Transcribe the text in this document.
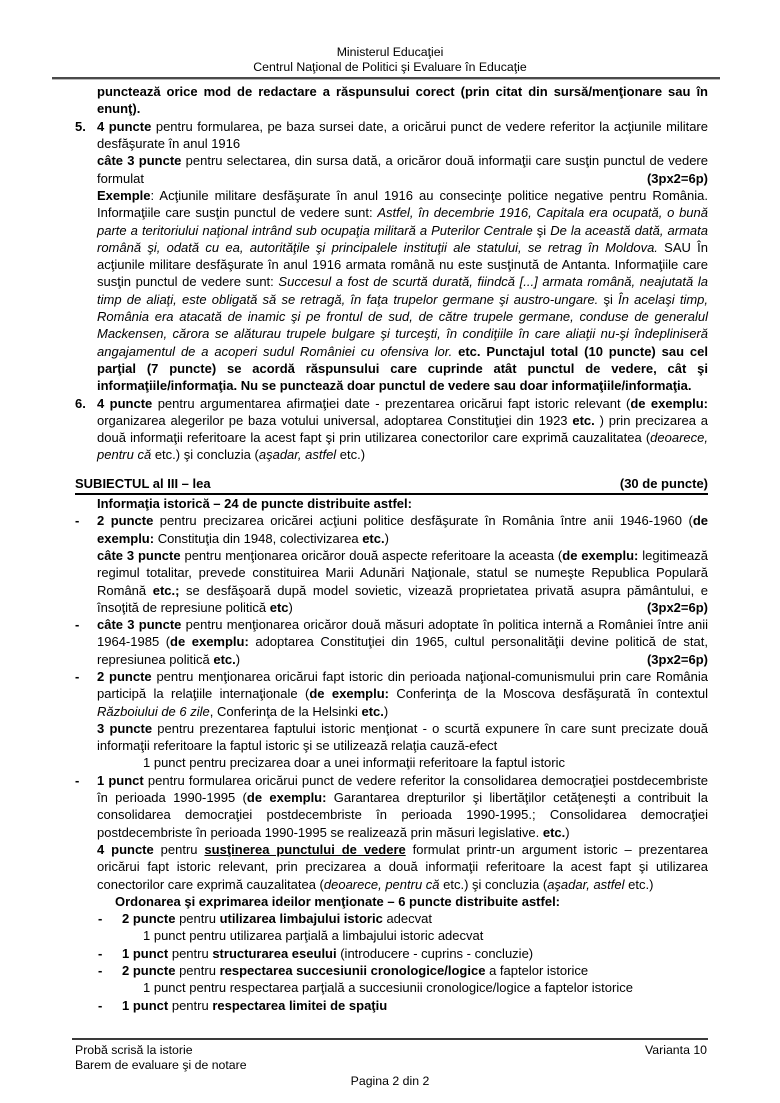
Ministerul Educaţiei
Centrul Naţional de Politici şi Evaluare în Educaţie
punctează orice mod de redactare a răspunsului corect (prin citat din sursă/menţionare sau în enunţ).
5. 4 puncte pentru formularea, pe baza sursei date, a oricărui punct de vedere referitor la acţiunile militare desfăşurate în anul 1916
câte 3 puncte pentru selectarea, din sursa dată, a oricăror două informaţii care susţin punctul de vedere formulat	(3px2=6p)
Exemple: Acţiunile militare desfăşurate în anul 1916 au consecinţe politice negative pentru România. Informaţiile care susţin punctul de vedere sunt: Astfel, în decembrie 1916, Capitala era ocupată, o bună parte a teritoriului naţional intrând sub ocupaţia militară a Puterilor Centrale şi De la această dată, armata română şi, odată cu ea, autorităţile şi principalele instituţii ale statului, se retrag în Moldova. SAU În acţiunile militare desfăşurate în anul 1916 armata română nu este susţinută de Antanta. Informaţiile care susţin punctul de vedere sunt: Succesul a fost de scurtă durată, fiindcă [...] armata română, neajutată la timp de aliaţi, este obligată să se retragă, în faţa trupelor germane şi austro-ungare. şi În acelaşi timp, România era atacată de inamic şi pe frontul de sud, de către trupele germane, conduse de generalul Mackensen, cărora se alăturau trupele bulgare şi turceşti, în condiţiile în care aliaţii nu-şi îndepliniseră angajamentul de a acoperi sudul României cu ofensiva lor. etc. Punctajul total (10 puncte) sau cel parţial (7 puncte) se acordă răspunsului care cuprinde atât punctul de vedere, cât şi informaţiile/informaţia. Nu se punctează doar punctul de vedere sau doar informaţiile/informaţia.
6. 4 puncte pentru argumentarea afirmaţiei date - prezentarea oricărui fapt istoric relevant (de exemplu: organizarea alegerilor pe baza votului universal, adoptarea Constituţiei din 1923 etc. ) prin precizarea a două informaţii referitoare la acest fapt şi prin utilizarea conectorilor care exprimă cauzalitatea (deoarece, pentru că etc.) şi concluzia (aşadar, astfel etc.)
SUBIECTUL al III – lea	(30 de puncte)
Informaţia istorică – 24 de puncte distribuite astfel:
- 2 puncte pentru precizarea oricărei acţiuni politice desfăşurate în România între anii 1946-1960 (de exemplu: Constituţia din 1948, colectivizarea etc.)
câte 3 puncte pentru menţionarea oricăror două aspecte referitoare la aceasta (de exemplu: legitimează regimul totalitar, prevede constituirea Marii Adunări Naţionale, statul se numeşte Republica Populară Română etc.; se desfăşoară după model sovietic, vizează proprietatea privată asupra pământului, e însoţită de represiune politică etc)	(3px2=6p)
- câte 3 puncte pentru menţionarea oricăror două măsuri adoptate în politica internă a României între anii 1964-1985 (de exemplu: adoptarea Constituţiei din 1965, cultul personalităţii devine politică de stat, represiunea politică etc.)	(3px2=6p)
- 2 puncte pentru menţionarea oricărui fapt istoric din perioada naţional-comunismului prin care România participă la relaţiile internaţionale (de exemplu: Conferinţa de la Moscova desfăşurată în contextul Războiului de 6 zile, Conferinţa de la Helsinki etc.)
3 puncte pentru prezentarea faptului istoric menţionat - o scurtă expunere în care sunt precizate două informaţii referitoare la faptul istoric şi se utilizează relaţia cauză-efect
1 punct pentru precizarea doar a unei informaţii referitoare la faptul istoric
- 1 punct pentru formularea oricărui punct de vedere referitor la consolidarea democraţiei postdecembriste în perioada 1990-1995 (de exemplu: Garantarea drepturilor şi libertăţilor cetăţeneşti a contribuit la consolidarea democraţiei postdecembriste în perioada 1990-1995.; Consolidarea democraţiei postdecembriste în perioada 1990-1995 se realizează prin măsuri legislative. etc.)
4 puncte pentru susţinerea punctului de vedere formulat printr-un argument istoric – prezentarea oricărui fapt istoric relevant, prin precizarea a două informaţii referitoare la acest fapt şi utilizarea conectorilor care exprimă cauzalitatea (deoarece, pentru că etc.) şi concluzia (aşadar, astfel etc.)
Ordonarea şi exprimarea ideilor menţionate – 6 puncte distribuite astfel:
- 2 puncte pentru utilizarea limbajului istoric adecvat
1 punct pentru utilizarea parţială a limbajului istoric adecvat
- 1 punct pentru structurarea eseului (introducere - cuprins - concluzie)
- 2 puncte pentru respectarea succesiunii cronologice/logice a faptelor istorice
1 punct pentru respectarea parţială a succesiunii cronologice/logice a faptelor istorice
- 1 punct pentru respectarea limitei de spaţiu
Probă scrisă la istorie
Barem de evaluare şi de notare
Varianta 10
Pagina 2 din 2
